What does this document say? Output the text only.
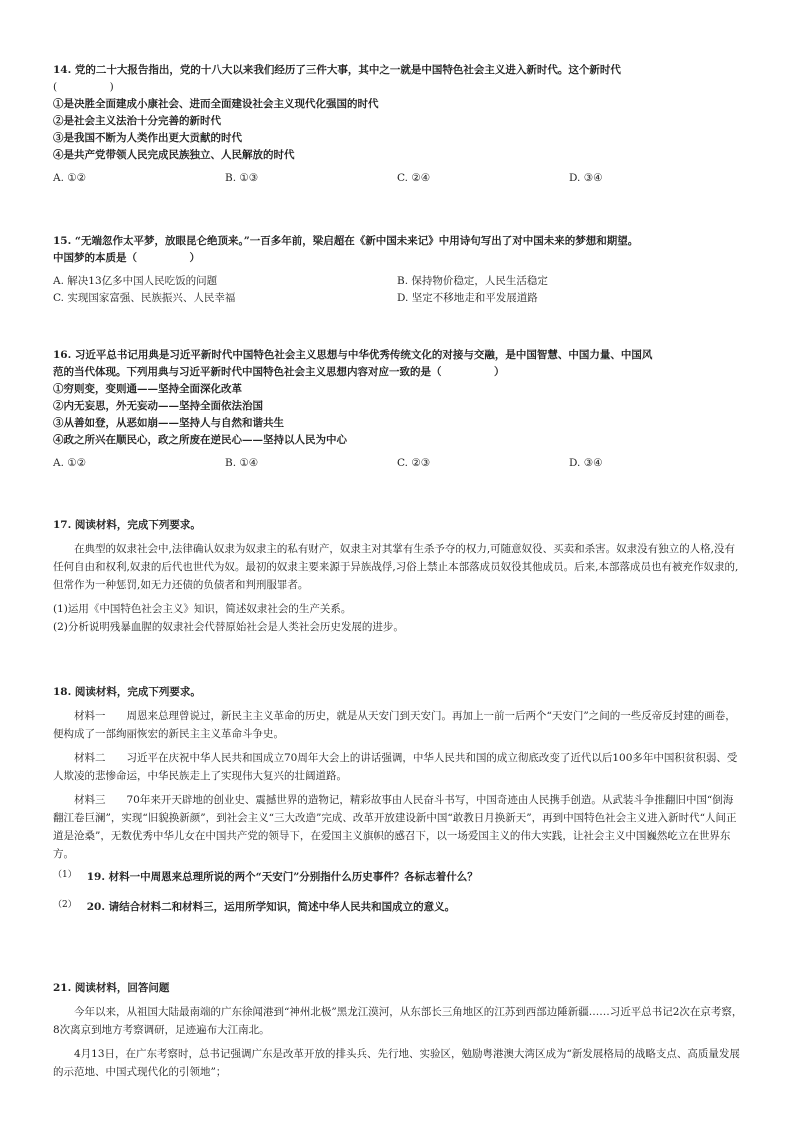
14. 党的二十大报告指出，党的十八大以来我们经历了三件大事，其中之一就是中国特色社会主义进入新时代。这个新时代
(　　　　　)
①是决胜全面建成小康社会、进而全面建设社会主义现代化强国的时代
②是社会主义法治十分完善的新时代
③是我国不断为人类作出更大贡献的时代
④是共产党带领人民完成民族独立、人民解放的时代
A. ①②	B. ①③	C. ②④	D. ③④
15. “无端忽作太平梦，放眼昆仑绝顶来。”一百多年前，梁启超在《新中国未来记》中用诗句写出了对中国未来的梦想和期望。
中国梦的本质是（　　　　　）
A. 解决13亿多中国人民吃饭的问题	B. 保持物价稳定，人民生活稳定
C. 实现国家富强、民族振兴、人民幸福	D. 坚定不移地走和平发展道路
16. 习近平总书记用典是习近平新时代中国特色社会主义思想与中华优秀传统文化的对接与交融，是中国智慧、中国力量、中国风
范的当代体现。下列用典与习近平新时代中国特色社会主义思想内容对应一致的是（　　　　　）
①穷则变，变则通——坚持全面深化改革
②内无妄思，外无妄动——坚持全面依法治国
③从善如登，从恶如崩——坚持人与自然和谐共生
④政之所兴在顺民心，政之所废在逆民心——坚持以人民为中心
A. ①②	B. ①④	C. ②③	D. ③④
17. 阅读材料，完成下列要求。
在典型的奴隶社会中,法律确认奴隶为奴隶主的私有财产，奴隶主对其掌有生杀予夺的权力,可随意奴役、买卖和杀害。奴隶没有独立的人格,没有任何自由和权利,奴隶的后代也世代为奴。最初的奴隶主要来源于异族战俘,习俗上禁止本部落成员奴役其他成员。后来,本部落成员也有被充作奴隶的,但常作为一种惩罚,如无力还债的负债者和判刑服罪者。
(1)运用《中国特色社会主义》知识，简述奴隶社会的生产关系。
(2)分析说明残暴血腥的奴隶社会代替原始社会是人类社会历史发展的进步。
18. 阅读材料，完成下列要求。
材料一　　周恩来总理曾说过，新民主主义革命的历史，就是从天安门到天安门。再加上一前一后两个“天安门”之间的一些反帝反封建的画卷，便构成了一部绚丽恢宏的新民主主义革命斗争史。
材料二　　习近平在庆祝中华人民共和国成立70周年大会上的讲话强调，中华人民共和国的成立彻底改变了近代以后100多年中国积贫积弱、受人欺凌的悲惨命运，中华民族走上了实现伟大复兴的壮阔道路。
材料三　　70年来开天辟地的创业史、震撼世界的造物记，精彩故事由人民奋斗书写，中国奇迹由人民携手创造。从武装斗争推翻旧中国“倒海翻江卷巨澜”，实现“旧貌换新颜”，到社会主义“三大改造”完成、改革开放建设新中国“敢教日月换新天”，再到中国特色社会主义进入新时代“人间正道是沧桑”，无数优秀中华儿女在中国共产党的领导下，在爱国主义旗帜的感召下，以一场爱国主义的伟大实践，让社会主义中国巍然屹立在世界东方。
（1） 19. 材料一中周恩来总理所说的两个“天安门”分别指什么历史事件？各标志着什么？
（2） 20. 请结合材料二和材料三，运用所学知识，简述中华人民共和国成立的意义。
21. 阅读材料，回答问题
今年以来，从祖国大陆最南端的广东徐闻港到“神州北极”黑龙江漠河，从东部长三角地区的江苏到西部边陲新疆……习近平总书记2次在京考察，8次离京到地方考察调研，足迹遍布大江南北。
4月13日，在广东考察时，总书记强调广东是改革开放的排头兵、先行地、实验区，勉励粤港澳大湾区成为“新发展格局的战略支点、高质量发展的示范地、中国式现代化的引领地”；
